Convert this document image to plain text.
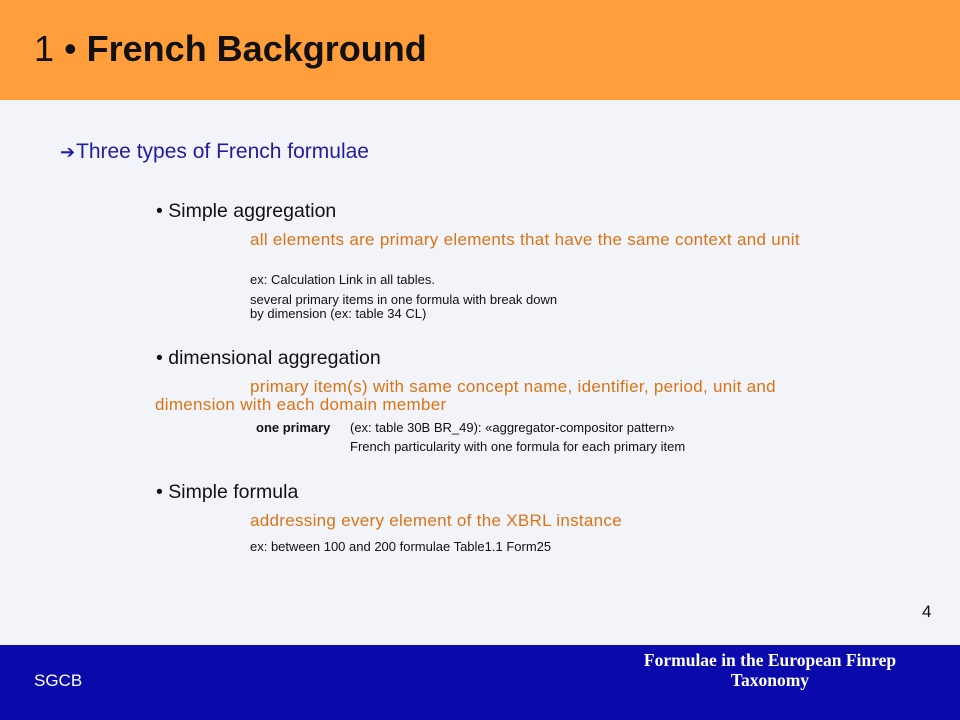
1 • French Background
➔Three types of French formulae
• Simple aggregation
all elements are primary elements that have the same context and unit
ex: Calculation Link in all tables.
several primary items in one formula with break down
by dimension (ex: table 34 CL)
• dimensional aggregation
primary item(s) with same concept name, identifier, period, unit and dimension with each domain member
one primary (ex: table 30B BR_49): «aggregator-compositor pattern»
French particularity with one formula for each primary item
• Simple formula
addressing every element of the XBRL instance
ex: between 100 and 200 formulae Table1.1 Form25
4
SGCB
Formulae in the European Finrep
Taxonomy
